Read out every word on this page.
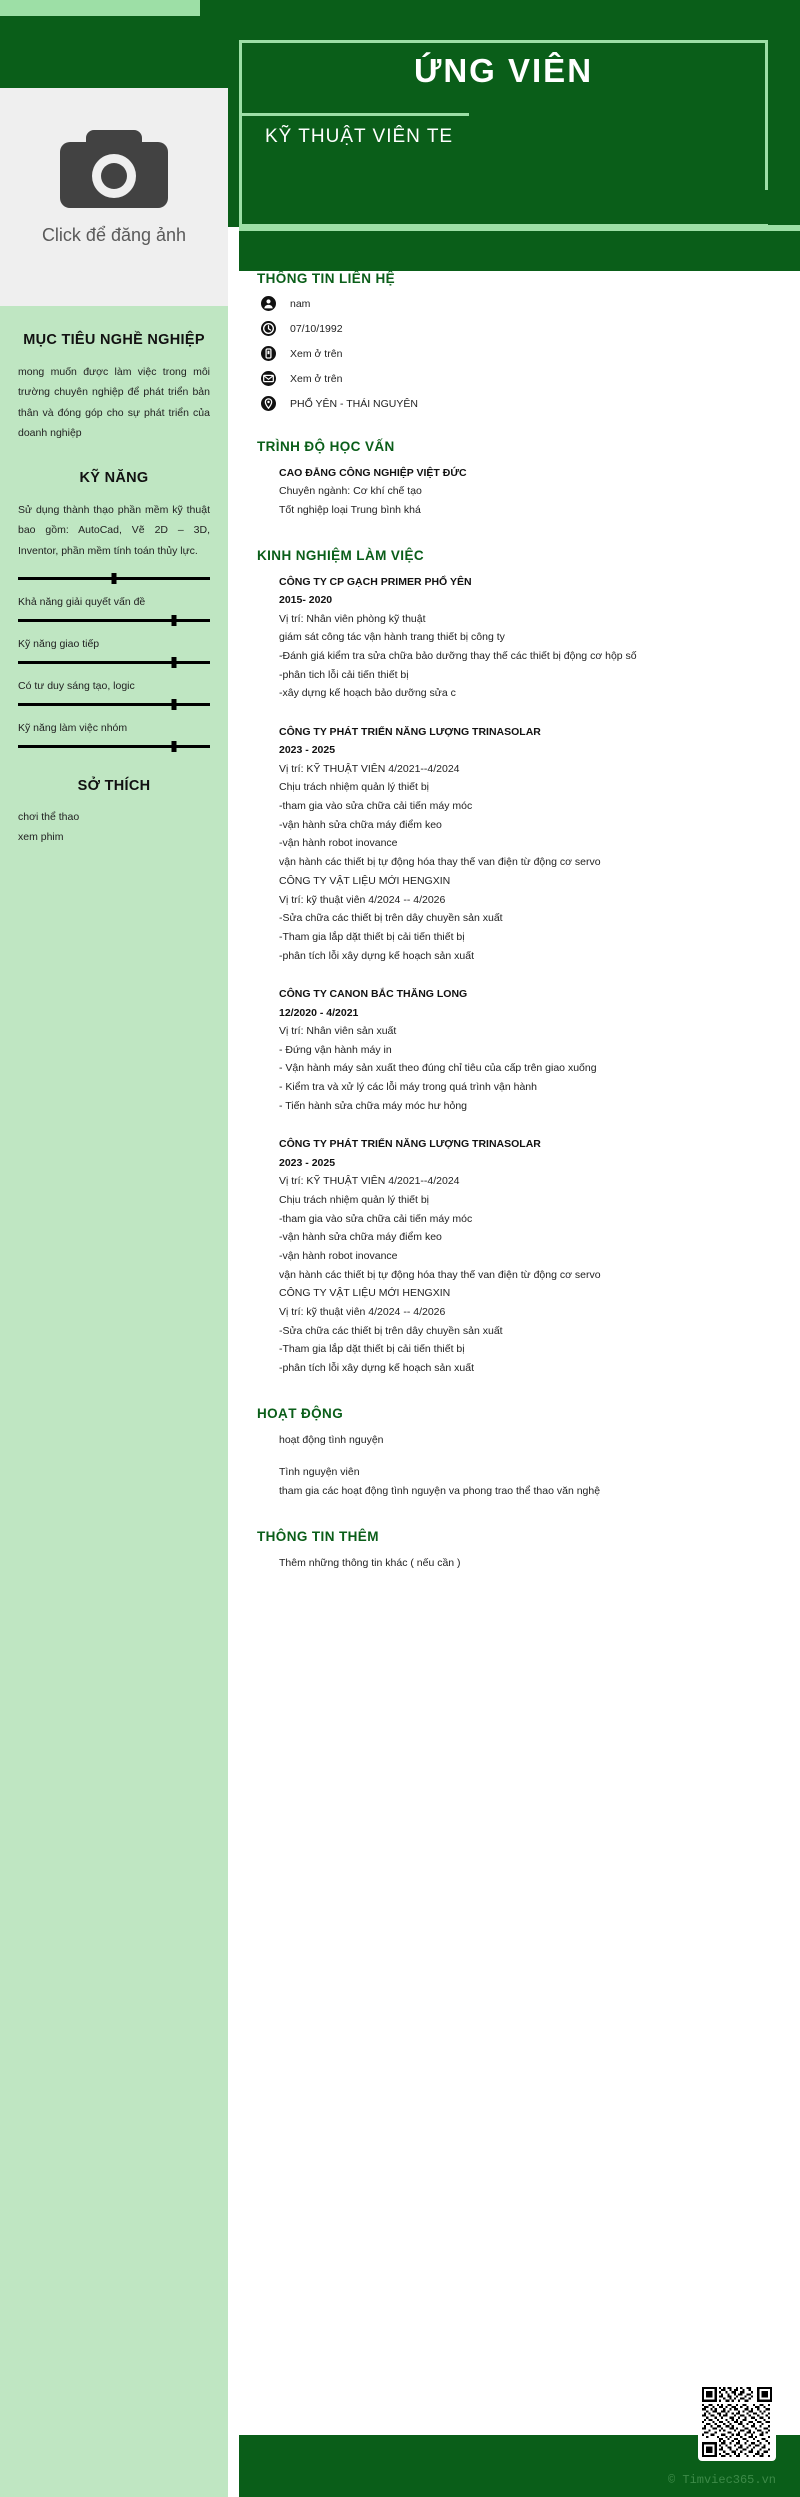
ỨNG VIÊN
KỸ THUẬT VIÊN TE
Click để đăng ảnh
MỤC TIÊU NGHỀ NGHIỆP

mong muốn được làm việc trong môi trường chuyên nghiệp để phát triển bản thân và đóng góp cho sự phát triển của doanh nghiệp

KỸ NĂNG

Sử dụng thành thạo phần mềm kỹ thuật bao gồm: AutoCad, Vẽ 2D – 3D, Inventor, phần mềm tính toán thủy lực.

Khả năng giải quyết vấn đề
Kỹ năng giao tiếp
Có tư duy sáng tạo, logic
Kỹ năng làm việc nhóm
SỞ THÍCH
chơi thể thao
xem phim
THÔNG TIN LIÊN HỆ
nam
07/10/1992
Xem ở trên
Xem ở trên
PHỔ YÊN - THÁI NGUYÊN
TRÌNH ĐỘ HỌC VẤN
CAO ĐẲNG CÔNG NGHIỆP VIỆT ĐỨC
Chuyên ngành: Cơ khí chế tạo
Tốt nghiệp loại Trung bình khá
KINH NGHIỆM LÀM VIỆC
CÔNG TY CP GẠCH PRIMER PHỔ YÊN
2015- 2020
Vị trí: Nhân viên phòng kỹ thuật
giám sát công tác vận hành trang thiết bị công ty
-Đánh giá kiểm tra sửa chữa bảo dưỡng thay thế các thiết bị động cơ hộp số
-phân tich lỗi cải tiến thiết bị
-xây dựng kế hoạch bảo dưỡng sửa c
CÔNG TY PHÁT TRIỂN NĂNG LƯỢNG TRINASOLAR
2023 - 2025
Vị trí: KỸ THUẬT VIÊN 4/2021--4/2024
Chịu trách nhiệm quản lý thiết bị
-tham gia vào sửa chữa cải tiến máy móc
-vận hành sửa chữa máy điểm keo
-vận hành robot inovance
vận hành các thiết bị tự động hóa thay thế van điện từ động cơ servo
CÔNG TY VẬT LIỆU MỚI HENGXIN
Vị trí: kỹ thuật viên 4/2024 -- 4/2026
-Sửa chữa các thiết bị trên dây chuyền sản xuất
-Tham gia lắp dặt thiết bị cải tiến thiết bị
-phân tích lỗi xây dựng kế hoạch sản xuất
CÔNG TY CANON BẮC THĂNG LONG
12/2020 - 4/2021
Vị trí: Nhân viên sản xuất
- Đứng vận hành máy in
- Vận hành máy sản xuất theo đúng chỉ tiêu của cấp trên giao xuống
- Kiểm tra và xử lý các lỗi máy trong quá trình vận hành
- Tiến hành sửa chữa máy móc hư hỏng
CÔNG TY PHÁT TRIỂN NĂNG LƯỢNG TRINASOLAR
2023 - 2025
Vị trí: KỸ THUẬT VIÊN 4/2021--4/2024
Chịu trách nhiệm quản lý thiết bị
-tham gia vào sửa chữa cải tiến máy móc
-vận hành sửa chữa máy điểm keo
-vận hành robot inovance
vận hành các thiết bị tự động hóa thay thế van điện từ động cơ servo
CÔNG TY VẬT LIỆU MỚI HENGXIN
Vị trí: kỹ thuật viên 4/2024 -- 4/2026
-Sửa chữa các thiết bị trên dây chuyền sản xuất
-Tham gia lắp dặt thiết bị cải tiến thiết bị
-phân tích lỗi xây dựng kế hoạch sản xuất
HOẠT ĐỘNG
hoạt động tình nguyện
Tình nguyện viên
tham gia các hoạt động tình nguyện va phong trao thể thao văn nghệ
THÔNG TIN THÊM
Thêm những thông tin khác ( nếu cần )
© Timviec365.vn
